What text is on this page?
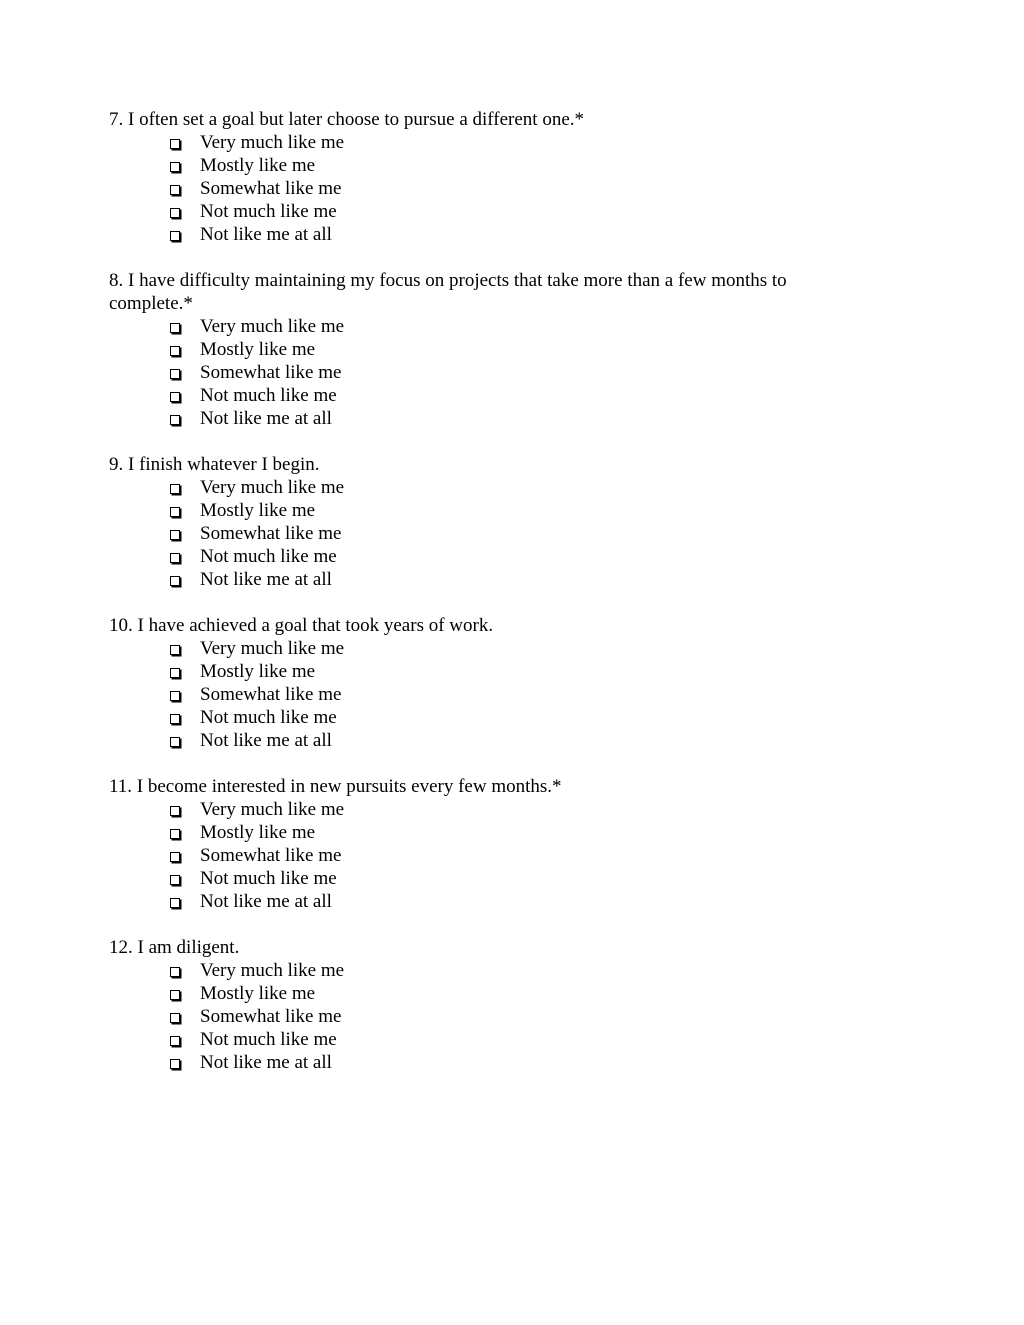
7. I often set a goal but later choose to pursue a different one.*

Very much like me
Mostly like me
Somewhat like me
Not much like me
Not like me at all

8. I have difficulty maintaining my focus on projects that take more than a few months to complete.*

Very much like me
Mostly like me
Somewhat like me
Not much like me
Not like me at all

9. I finish whatever I begin.

Very much like me
Mostly like me
Somewhat like me
Not much like me
Not like me at all

10. I have achieved a goal that took years of work.

Very much like me
Mostly like me
Somewhat like me
Not much like me
Not like me at all

11. I become interested in new pursuits every few months.*

Very much like me
Mostly like me
Somewhat like me
Not much like me
Not like me at all

12. I am diligent.

Very much like me
Mostly like me
Somewhat like me
Not much like me
Not like me at all
